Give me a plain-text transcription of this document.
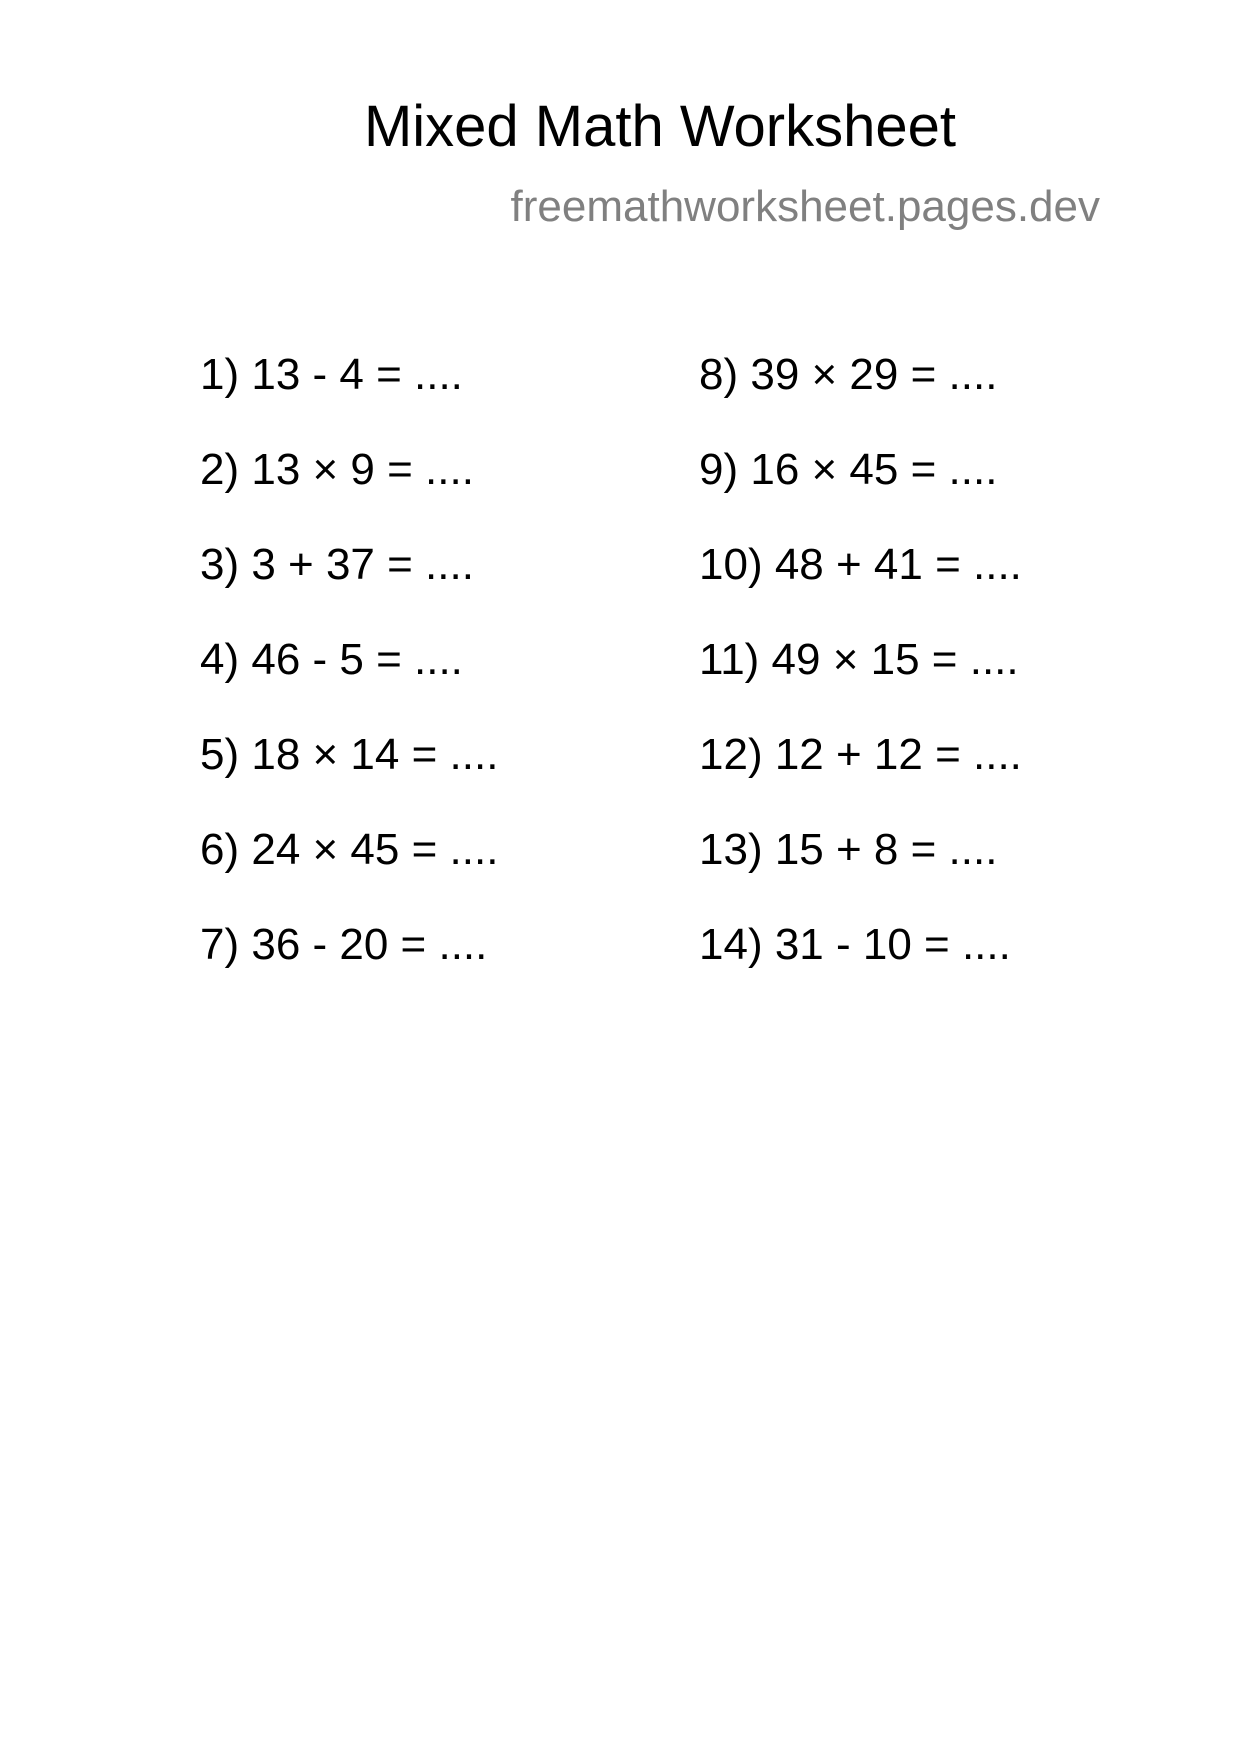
Mixed Math Worksheet
freemathworksheet.pages.dev
1) 13 - 4 = ....
2) 13 × 9 = ....
3) 3 + 37 = ....
4) 46 - 5 = ....
5) 18 × 14 = ....
6) 24 × 45 = ....
7) 36 - 20 = ....
8) 39 × 29 = ....
9) 16 × 45 = ....
10) 48 + 41 = ....
11) 49 × 15 = ....
12) 12 + 12 = ....
13) 15 + 8 = ....
14) 31 - 10 = ....
